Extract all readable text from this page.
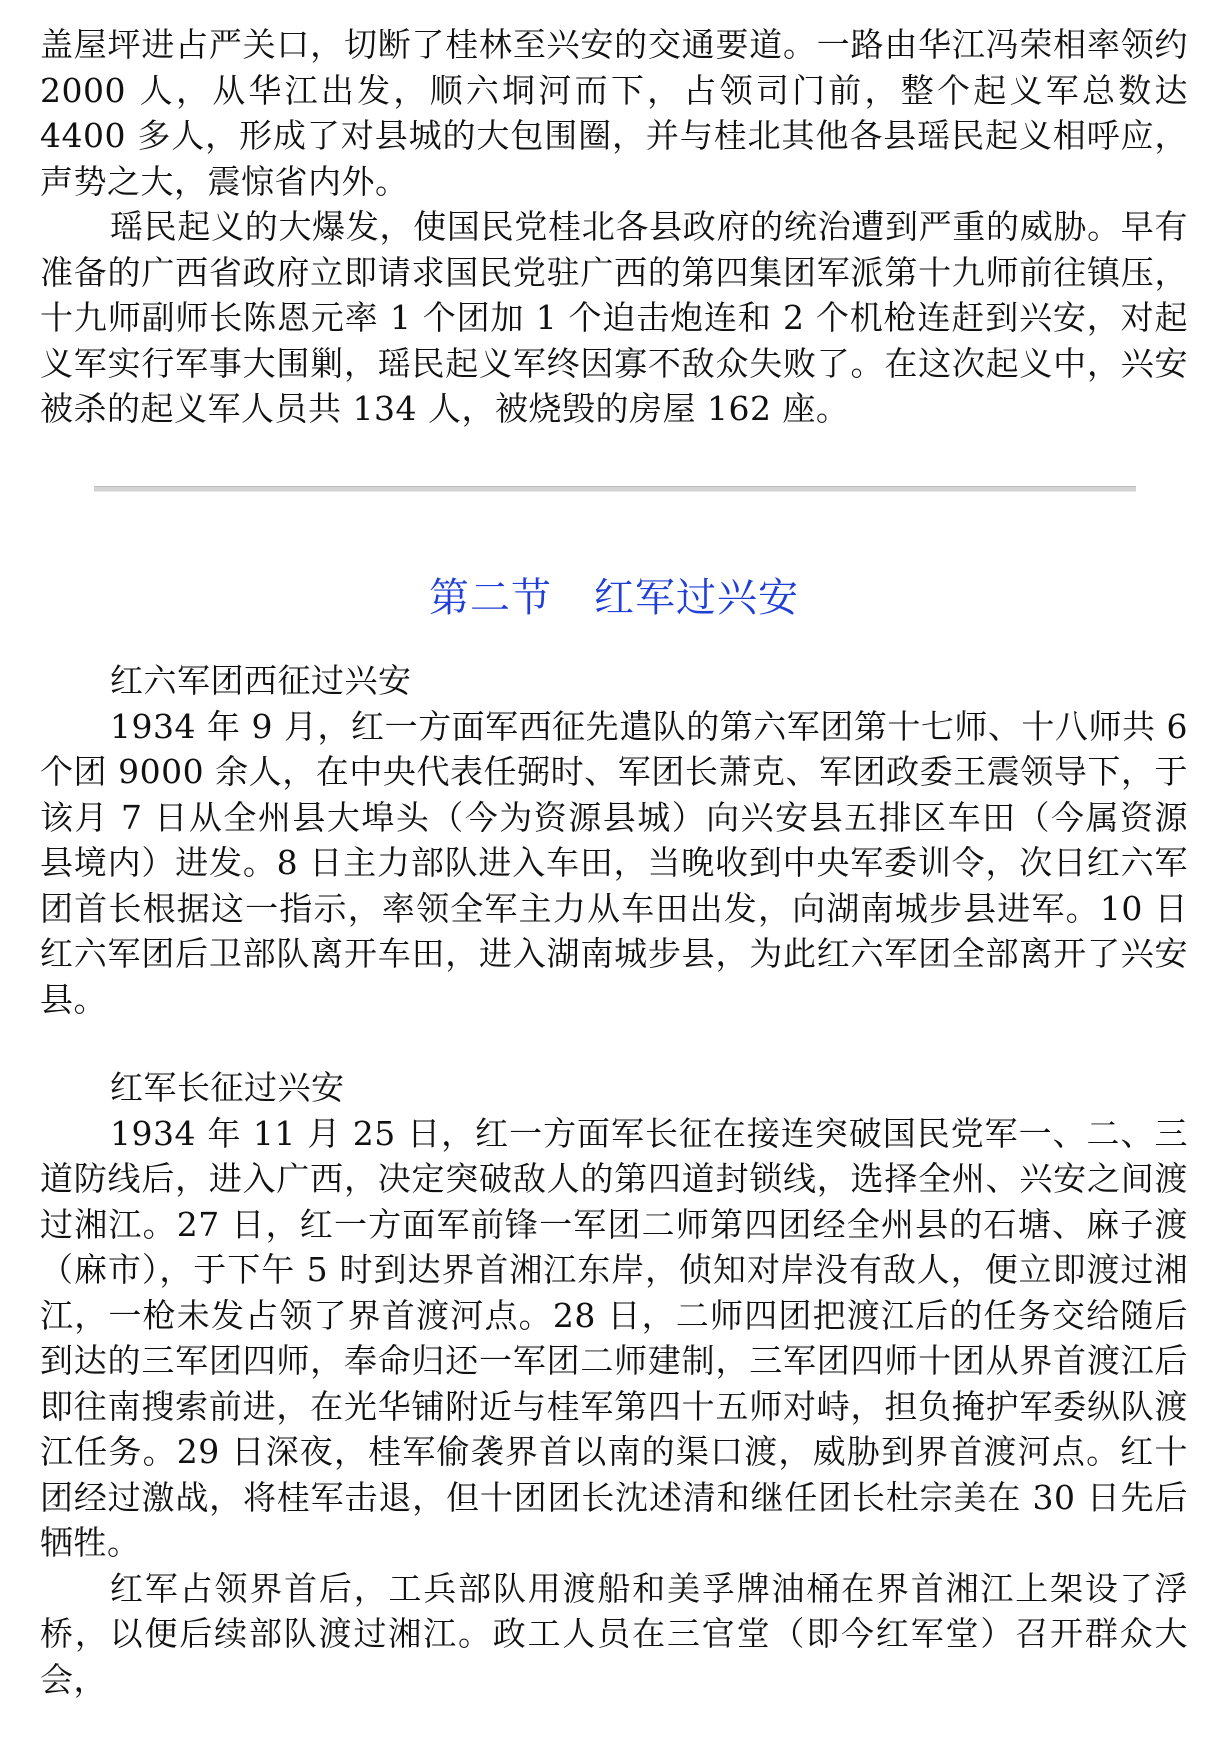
盖屋坪进占严关口，切断了桂林至兴安的交通要道。一路由华江冯荣相率领约 2000 人，从华江出发，顺六垌河而下，占领司门前，整个起义军总数达 4400 多人，形成了对县城的大包围圈，并与桂北其他各县瑶民起义相呼应，声势之大，震惊省内外。

瑶民起义的大爆发，使国民党桂北各县政府的统治遭到严重的威胁。早有准备的广西省政府立即请求国民党驻广西的第四集团军派第十九师前往镇压，十九师副师长陈恩元率 1 个团加 1 个迫击炮连和 2 个机枪连赶到兴安，对起义军实行军事大围剿，瑶民起义军终因寡不敌众失败了。在这次起义中，兴安被杀的起义军人员共 134 人，被烧毁的房屋 162 座。

第二节 红军过兴安

红六军团西征过兴安

1934 年 9 月，红一方面军西征先遣队的第六军团第十七师、十八师共 6 个团 9000 余人，在中央代表任弼时、军团长萧克、军团政委王震领导下，于该月 7 日从全州县大埠头（今为资源县城）向兴安县五排区车田（今属资源县境内）进发。8 日主力部队进入车田，当晚收到中央军委训令，次日红六军团首长根据这一指示，率领全军主力从车田出发，向湖南城步县进军。10 日红六军团后卫部队离开车田，进入湖南城步县，为此红六军团全部离开了兴安县。

红军长征过兴安

1934 年 11 月 25 日，红一方面军长征在接连突破国民党军一、二、三道防线后，进入广西，决定突破敌人的第四道封锁线，选择全州、兴安之间渡过湘江。27 日，红一方面军前锋一军团二师第四团经全州县的石塘、麻子渡（麻市），于下午 5 时到达界首湘江东岸，侦知对岸没有敌人，便立即渡过湘江，一枪未发占领了界首渡河点。28 日，二师四团把渡江后的任务交给随后到达的三军团四师，奉命归还一军团二师建制，三军团四师十团从界首渡江后即往南搜索前进，在光华铺附近与桂军第四十五师对峙，担负掩护军委纵队渡江任务。29 日深夜，桂军偷袭界首以南的渠口渡，威胁到界首渡河点。红十团经过激战，将桂军击退，但十团团长沈述清和继任团长杜宗美在 30 日先后牺牲。

红军占领界首后，工兵部队用渡船和美孚牌油桶在界首湘江上架设了浮桥，以便后续部队渡过湘江。政工人员在三官堂（即今红军堂）召开群众大会，
